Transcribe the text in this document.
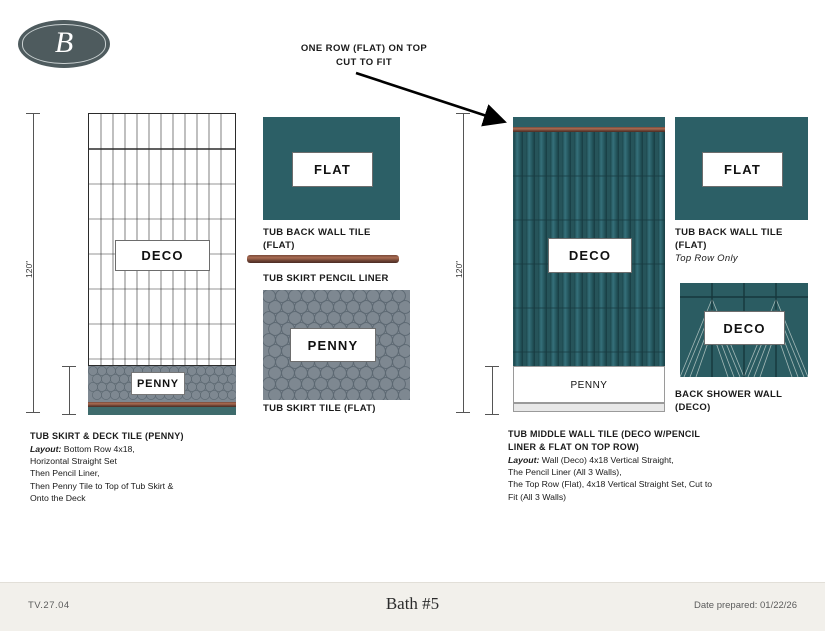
B	ONE ROW (FLAT) ON TOP
CUT TO FIT
120"
DECO
PENNY
TUB SKIRT & DECK TILE (PENNY)
Layout: Bottom Row 4x18,
Horizontal Straight Set
Then Pencil Liner,
Then Penny Tile to Top of Tub Skirt &
Onto the Deck
FLAT
TUB BACK WALL TILE
(FLAT)
TUB SKIRT PENCIL LINER
PENNY
TUB SKIRT TILE (FLAT)
120"
DECO
PENNY
TUB MIDDLE WALL TILE (DECO W/PENCIL
LINER & FLAT ON TOP ROW)
Layout: Wall (Deco) 4x18 Vertical Straight,
The Pencil Liner (All 3 Walls),
The Top Row (Flat), 4x18 Vertical Straight Set, Cut to
Fit (All 3 Walls)
FLAT
TUB BACK WALL TILE
(FLAT)
Top Row Only
DECO
BACK SHOWER WALL
(DECO)
TV.27.04	Bath #5	Date prepared: 01/22/26
